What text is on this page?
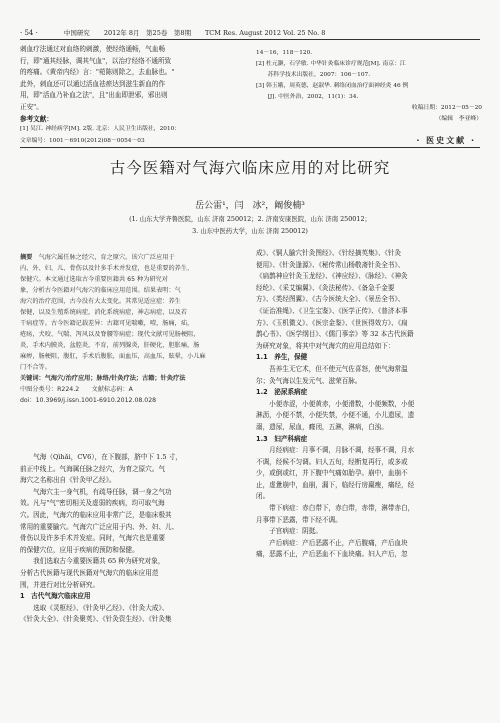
· 54 ·	中国研究 2012年 8月　第25卷　第8期 TCM Res. August 2012 Vol. 25 No. 8

刺血疗法通过对血络的刺激，使经络通畅，气血畅

行，即"通其经脉，调其气血"，以治疗经络不通所致

的疼痛。《黄帝内经》言："菀陈则除之，去血脉也。"

此外，刺血还可以通过活血祛瘀达到滋生新血的作

用，即"活血乃补血之法"，且"出血即泄邪，邪出则

正安"。

参考文献：

[1] 吴江. 神经病学[M]. 2版. 北京：人民卫生出版社，2010：

14－16，118－120.

[2] 杜元灏，石学敏. 中华针灸临床诊疗规范[M]. 南京：江

　　苏科学技术出版社，2007：106－107.

[3] 韩玉娥，周英德，赵淑华. 刺络闭血治疗面神经炎 46 例

　　[J]. 中医外治，2002，11(1)：34.

收稿日期：2012－05－20

（编辑　李亚峰）

文章编号：1001－6910(2012)08－0054－03	· 医史文献 ·
古今医籍对气海穴临床应用的对比研究
岳公雷¹，闫　冰²，阚俊楠³
(1. 山东大学齐鲁医院，山东 济南 250012；2. 济南安康医院，山东 济南 250012；
3. 山东中医药大学，山东 济南 250012)

摘要　 气海穴属任脉之经穴，育之原穴。该穴广泛应用于

内、外、妇、儿、骨伤以及针多手术并发症，也是重要的养生、

保健穴。本文通过选取古今重要医籍共 65 种为研究对

象，分析古今医籍对气海穴的临床应用范围。结果表明：气

海穴的治疗范围，古今没有大太变化。其常见适应症：养生

保健，以及生殖系统病症，消化系统病症，神志病症，以及若

干病症等。古今医籍记载差异：古籍可见喘嗽，噎，肠痛，疝，

疮疡，犬咬、气喘、泻风以及脊腰等病症；现代文献可见肠梗阻，

炎，手术内膜炎，盆腔炎，不育，前列腺炎，肝硬化，胆胀痛，肠

麻痹，肠梗阻，腹肛，手术后腹胀，面血压，高血压，眩晕，小儿麻

门不合等。

关键词：气海穴/治疗应用；脉络/针灸疗法；古籍；针灸疗法

中图分类号：R224.2　　文献标志码：A

doi：10.3969/j.issn.1001-6910.2012.08.028

　　气海（Qìhǎi，CV6），在下腹部，脐中下 1.5 寸，

前正中线上。气海属任脉之经穴，为育之原穴。气

海穴之名称出自《针灸甲乙经》。

　　气海穴主一身气机，有疏导任脉，调一身之气功

效。凡与"气"密切相关及虚弱的疾病，均可取气海

穴。因此，气海穴的临床应用非常广泛，是临床极其

常用的重要腧穴。气海穴广泛应用于内、外、妇、儿、

骨伤以及许多手术并发症。同时，气海穴也是重要

的保健穴位，应用于疾病的预防和保健。

　　我们选取古今重要医籍共 65 种为研究对象，

分析古代医籍与现代医籍对气海穴的临床应用范

围，并进行对比分析研究。

1　古代气海穴临床应用

　　选取《灵枢经》、《针灸甲乙经》、《针灸大成》、

《针灸大全》、《针灸聚英》、《针灸资生经》、《针灸集

成》、《铜人腧穴针灸图经》、《针经摘英集》、《针灸

便用》、《针灸逢源》、《秘传常山杨敬斋针灸全书》、

《扁鹊神应针灸玉龙经》、《神应经》、《脉经》、《神灸

经纶》、《采艾编翼》、《灸法秘传》、《备急千金要

方》、《类经图翼》、《古今医统大全》、《景岳全书》、

《证治准绳》、《卫生宝鉴》、《医学正传》、《普济本事

方》、《玉机微义》、《医宗金鉴》、《世医得效方》、《扁

鹊心书》、《医学纲目》、《儒门事亲》等 32 本古代医籍

为研究对象，将其中对气海穴的应用总结如下：

1.1　养生，保健

　　吾养生无它术，但不使元气佐喜怒，使气海常温

尔；灸气海以生发元气、滋荣百脉。

1.2　泌尿系病症

　　小便赤涩，小便黄赤，小便滑数，小便频数，小便

淋沥，小便不禁，小便失禁，小便不通，小儿遗尿，遗

溺，遗尿，尿血，癃闭，五淋，淋病，白浊。

1.3　妇产科病症

　　月经病症：月事不调，月脉不调，经事不调，月水

不调，经候不匀调。妇人五旬，经断复再行，或多或

少，或倒或红，并下腹中气痛如胎孕。崩中，血崩不

止，虚惫崩中，血崩，漏下，临经行房羸瘦，痛经，经

闭。

　　带下病症：赤白带下，赤白带，赤带，淋带赤白，

月事带下恶露，带下经不调。

　　子宫病症：阴挺。

　　产后病症：产后恶露不止，产后腹痛，产后血块

痛，恶露不止，产后恶血不下血块痛。妇人产后，忽
